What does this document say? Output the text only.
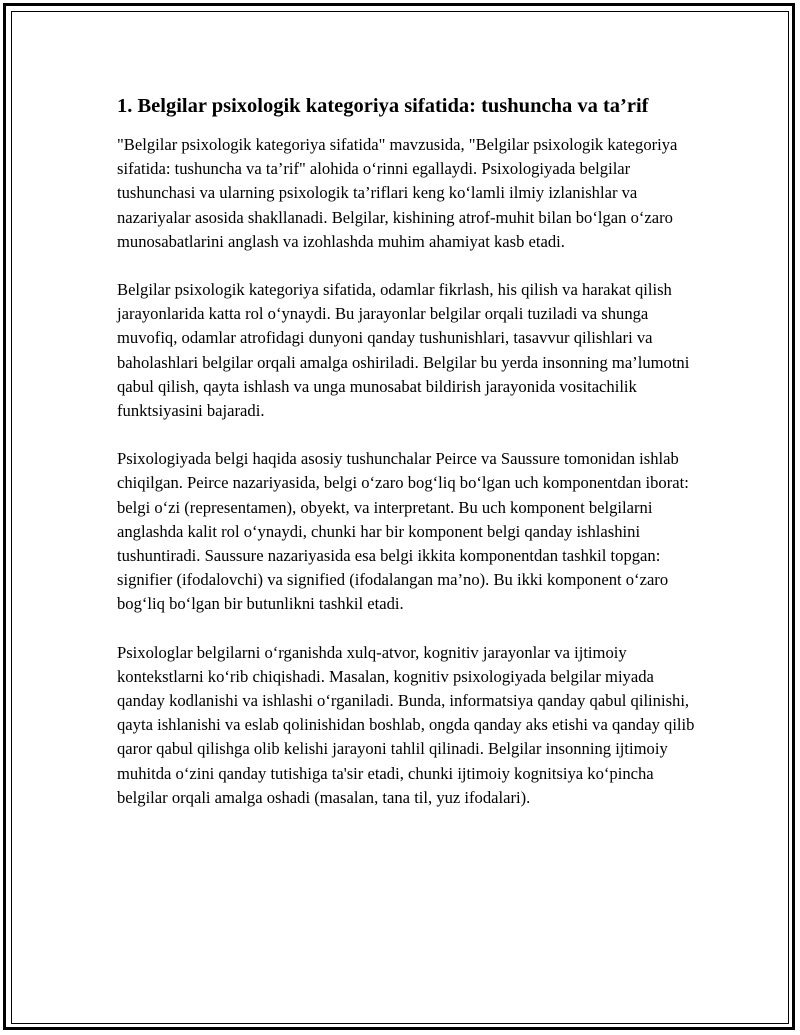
1. Belgilar psixologik kategoriya sifatida: tushuncha va ta’rif

"Belgilar psixologik kategoriya sifatida" mavzusida, "Belgilar psixologik kategoriya sifatida: tushuncha va ta’rif" alohida o‘rinni egallaydi. Psixologiyada belgilar tushunchasi va ularning psixologik ta’riflari keng ko‘lamli ilmiy izlanishlar va nazariyalar asosida shakllanadi. Belgilar, kishining atrof-muhit bilan bo‘lgan o‘zaro munosabatlarini anglash va izohlashda muhim ahamiyat kasb etadi.

Belgilar psixologik kategoriya sifatida, odamlar fikrlash, his qilish va harakat qilish jarayonlarida katta rol o‘ynaydi. Bu jarayonlar belgilar orqali tuziladi va shunga muvofiq, odamlar atrofidagi dunyoni qanday tushunishlari, tasavvur qilishlari va baholashlari belgilar orqali amalga oshiriladi. Belgilar bu yerda insonning ma’lumotni qabul qilish, qayta ishlash va unga munosabat bildirish jarayonida vositachilik funktsiyasini bajaradi.

Psixologiyada belgi haqida asosiy tushunchalar Peirce va Saussure tomonidan ishlab chiqilgan. Peirce nazariyasida, belgi o‘zaro bog‘liq bo‘lgan uch komponentdan iborat: belgi o‘zi (representamen), obyekt, va interpretant. Bu uch komponent belgilarni anglashda kalit rol o‘ynaydi, chunki har bir komponent belgi qanday ishlashini tushuntiradi. Saussure nazariyasida esa belgi ikkita komponentdan tashkil topgan: signifier (ifodalovchi) va signified (ifodalangan ma’no). Bu ikki komponent o‘zaro bog‘liq bo‘lgan bir butunlikni tashkil etadi.

Psixologlar belgilarni o‘rganishda xulq-atvor, kognitiv jarayonlar va ijtimoiy kontekstlarni ko‘rib chiqishadi. Masalan, kognitiv psixologiyada belgilar miyada qanday kodlanishi va ishlashi o‘rganiladi. Bunda, informatsiya qanday qabul qilinishi, qayta ishlanishi va eslab qolinishidan boshlab, ongda qanday aks etishi va qanday qilib qaror qabul qilishga olib kelishi jarayoni tahlil qilinadi. Belgilar insonning ijtimoiy muhitda o‘zini qanday tutishiga ta'sir etadi, chunki ijtimoiy kognitsiya ko‘pincha belgilar orqali amalga oshadi (masalan, tana til, yuz ifodalari).
